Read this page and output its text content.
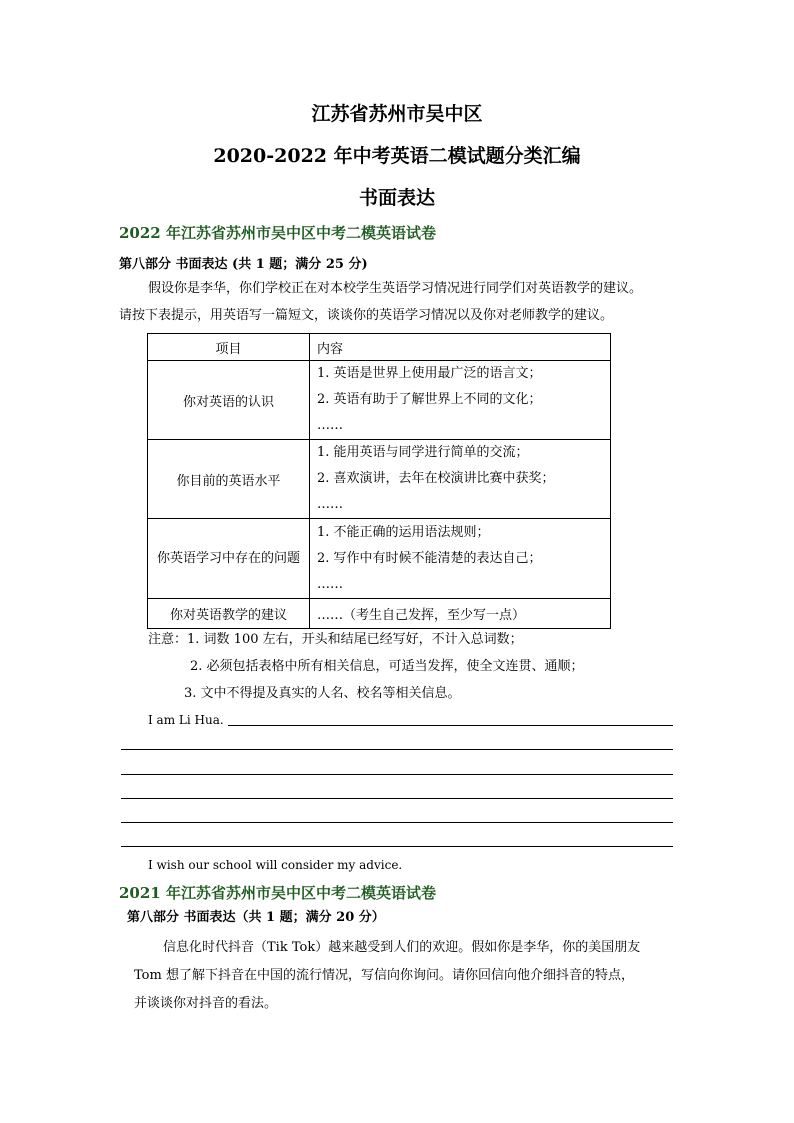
江苏省苏州市吴中区
2020-2022 年中考英语二模试题分类汇编
书面表达
2022 年江苏省苏州市吴中区中考二模英语试卷
第八部分 书面表达 (共 1 题；满分 25 分)
假设你是李华，你们学校正在对本校学生英语学习情况进行同学们对英语教学的建议。
请按下表提示，用英语写一篇短文，谈谈你的英语学习情况以及你对老师教学的建议。
项目	内容
你对英语的认识	1. 英语是世界上使用最广泛的语言文；
2. 英语有助于了解世界上不同的文化；
……

你目前的英语水平	1. 能用英语与同学进行简单的交流；
2. 喜欢演讲，去年在校演讲比赛中获奖；
……

你英语学习中存在的问题	1. 不能正确的运用语法规则；
2. 写作中有时候不能清楚的表达自己；
……

你对英语教学的建议	……（考生自己发挥，至少写一点）
注意：1. 词数 100 左右，开头和结尾已经写好，不计入总词数；
2. 必须包括表格中所有相关信息，可适当发挥，使全文连贯、通顺；
3. 文中不得提及真实的人名、校名等相关信息。
I am Li Hua.
I wish our school will consider my advice.
2021 年江苏省苏州市吴中区中考二模英语试卷
第八部分 书面表达（共 1 题；满分 20 分）
信息化时代抖音（Tik Tok）越来越受到人们的欢迎。假如你是李华，你的美国朋友
Tom 想了解下抖音在中国的流行情况，写信向你询问。请你回信向他介细抖音的特点，
并谈谈你对抖音的看法。
